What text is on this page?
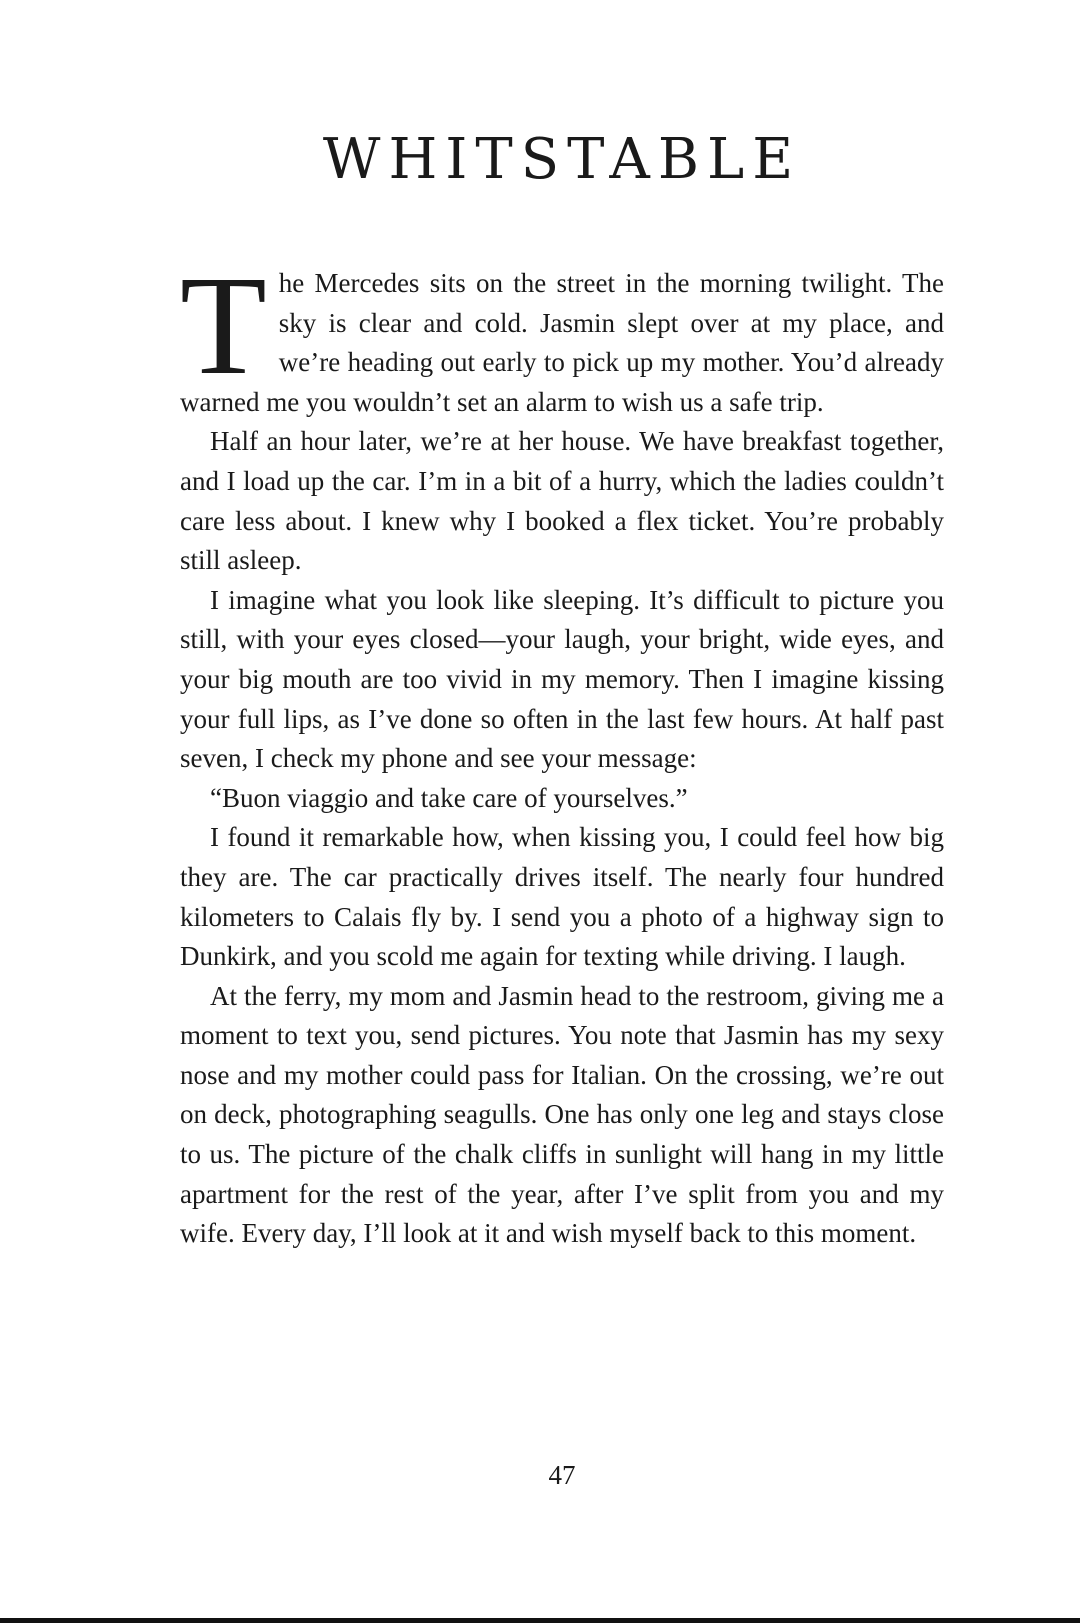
WHITSTABLE

The Mercedes sits on the street in the morning twilight. The sky is clear and cold. Jasmin slept over at my place, and we’re heading out early to pick up my mother. You’d already warned me you wouldn’t set an alarm to wish us a safe trip.

Half an hour later, we’re at her house. We have breakfast together, and I load up the car. I’m in a bit of a hurry, which the ladies couldn’t care less about. I knew why I booked a flex ticket. You’re probably still asleep.

I imagine what you look like sleeping. It’s difficult to picture you still, with your eyes closed—your laugh, your bright, wide eyes, and your big mouth are too vivid in my memory. Then I imagine kissing your full lips, as I’ve done so often in the last few hours. At half past seven, I check my phone and see your message:

“Buon viaggio and take care of yourselves.”

I found it remarkable how, when kissing you, I could feel how big they are. The car practically drives itself. The nearly four hundred kilometers to Calais fly by. I send you a photo of a highway sign to Dunkirk, and you scold me again for texting while driving. I laugh.

At the ferry, my mom and Jasmin head to the restroom, giving me a moment to text you, send pictures. You note that Jasmin has my sexy nose and my mother could pass for Italian. On the crossing, we’re out on deck, photographing seagulls. One has only one leg and stays close to us. The picture of the chalk cliffs in sunlight will hang in my little apartment for the rest of the year, after I’ve split from you and my wife. Every day, I’ll look at it and wish myself back to this moment.

47
